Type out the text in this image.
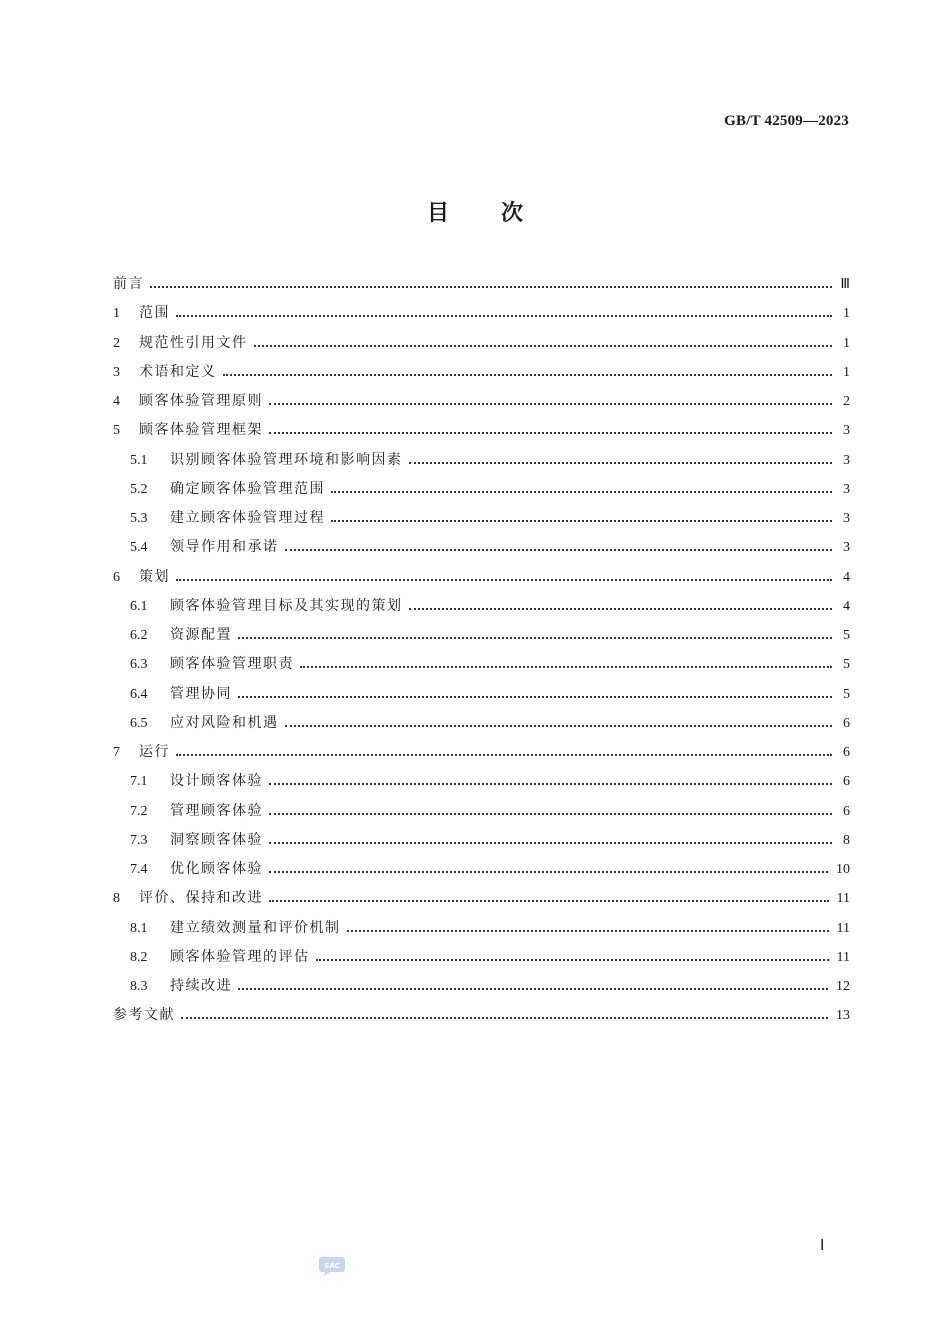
GB/T 42509—2023
目次
前言	Ⅲ
1	范围	1
2	规范性引用文件	1
3	术语和定义	1
4	顾客体验管理原则	2
5	顾客体验管理框架	3
5.1	识别顾客体验管理环境和影响因素	3
5.2	确定顾客体验管理范围	3
5.3	建立顾客体验管理过程	3
5.4	领导作用和承诺	3
6	策划	4
6.1	顾客体验管理目标及其实现的策划	4
6.2	资源配置	5
6.3	顾客体验管理职责	5
6.4	管理协同	5
6.5	应对风险和机遇	6
7	运行	6
7.1	设计顾客体验	6
7.2	管理顾客体验	6
7.3	洞察顾客体验	8
7.4	优化顾客体验	10
8	评价、保持和改进	11
8.1	建立绩效测量和评价机制	11
8.2	顾客体验管理的评估	11
8.3	持续改进	12
参考文献	13
Ⅰ
SAC
